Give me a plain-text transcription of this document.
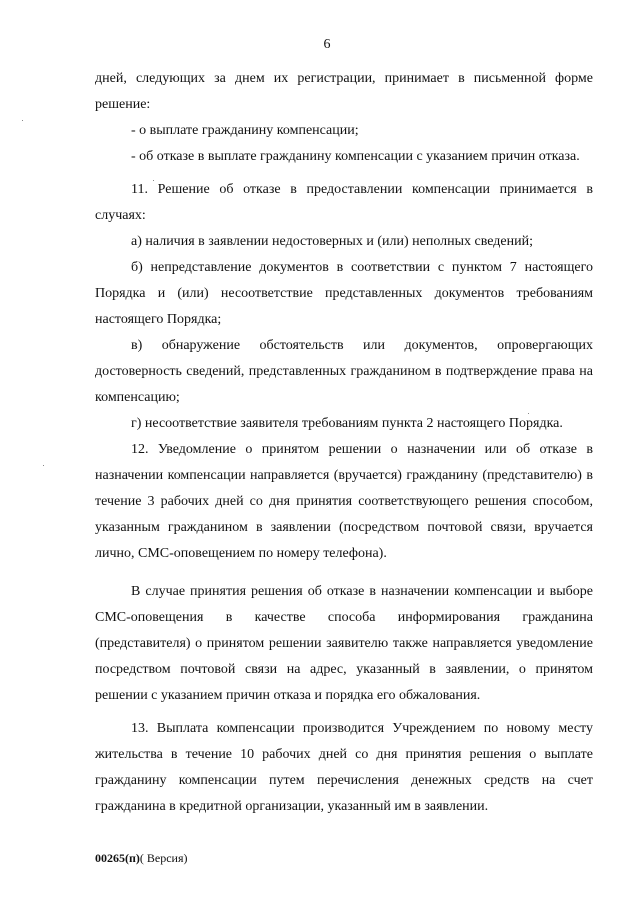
6

дней, следующих за днем их регистрации, принимает в письменной форме решение:

- о выплате гражданину компенсации;

- об отказе в выплате гражданину компенсации с указанием причин отказа.

11. Решение об отказе в предоставлении компенсации принимается в случаях:

а) наличия в заявлении недостоверных и (или) неполных сведений;

б) непредставление документов в соответствии с пунктом 7 настоящего Порядка и (или) несоответствие представленных документов требованиям настоящего Порядка;

в) обнаружение обстоятельств или документов, опровергающих достоверность сведений, представленных гражданином в подтверждение права на компенсацию;

г) несоответствие заявителя требованиям пункта 2 настоящего Порядка.

12. Уведомление о принятом решении о назначении или об отказе в назначении компенсации направляется (вручается) гражданину (представителю) в течение 3 рабочих дней со дня принятия соответствующего решения способом, указанным гражданином в заявлении (посредством почтовой связи, вручается лично, СМС-оповещением по номеру телефона).

В случае принятия решения об отказе в назначении компенсации и выборе СМС-оповещения в качестве способа информирования гражданина (представителя) о принятом решении заявителю также направляется уведомление посредством почтовой связи на адрес, указанный в заявлении, о принятом решении с указанием причин отказа и порядка его обжалования.

13. Выплата компенсации производится Учреждением по новому месту жительства в течение 10 рабочих дней со дня принятия решения о выплате гражданину компенсации путем перечисления денежных средств на счет гражданина в кредитной организации, указанный им в заявлении.

00265(п)( Версия)
